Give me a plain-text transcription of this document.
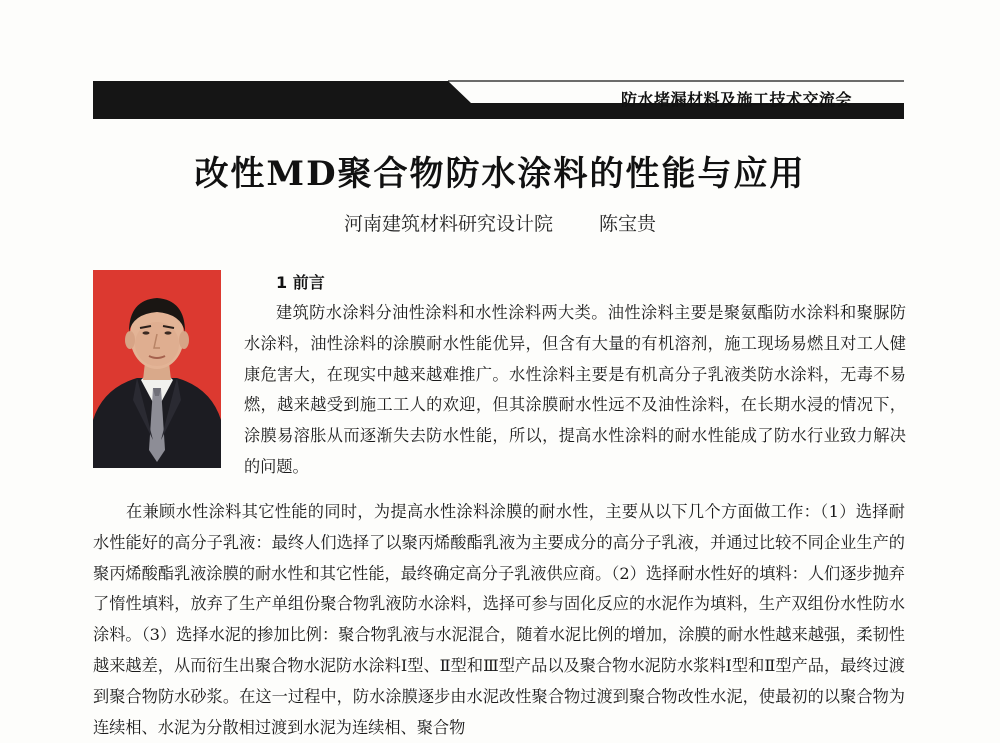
防水堵漏材料及施工技术交流会
改性MD聚合物防水涂料的性能与应用
河南建筑材料研究设计院 陈宝贵
1 前言
建筑防水涂料分油性涂料和水性涂料两大类。油性涂料主要是聚氨酯防水涂料和聚脲防水涂料，油性涂料的涂膜耐水性能优异，但含有大量的有机溶剂，施工现场易燃且对工人健康危害大，在现实中越来越难推广。水性涂料主要是有机高分子乳液类防水涂料，无毒不易燃，越来越受到施工工人的欢迎，但其涂膜耐水性远不及油性涂料，在长期水浸的情况下，涂膜易溶胀从而逐渐失去防水性能，所以，提高水性涂料的耐水性能成了防水行业致力解决的问题。
在兼顾水性涂料其它性能的同时，为提高水性涂料涂膜的耐水性，主要从以下几个方面做工作：（1）选择耐水性能好的高分子乳液：最终人们选择了以聚丙烯酸酯乳液为主要成分的高分子乳液，并通过比较不同企业生产的聚丙烯酸酯乳液涂膜的耐水性和其它性能，最终确定高分子乳液供应商。（2）选择耐水性好的填料：人们逐步抛弃了惰性填料，放弃了生产单组份聚合物乳液防水涂料，选择可参与固化反应的水泥作为填料，生产双组份水性防水涂料。（3）选择水泥的掺加比例：聚合物乳液与水泥混合，随着水泥比例的增加，涂膜的耐水性越来越强，柔韧性越来越差，从而衍生出聚合物水泥防水涂料Ⅰ型、Ⅱ型和Ⅲ型产品以及聚合物水泥防水浆料Ⅰ型和Ⅱ型产品，最终过渡到聚合物防水砂浆。在这一过程中，防水涂膜逐步由水泥改性聚合物过渡到聚合物改性水泥，使最初的以聚合物为连续相、水泥为分散相过渡到水泥为连续相、聚合物
